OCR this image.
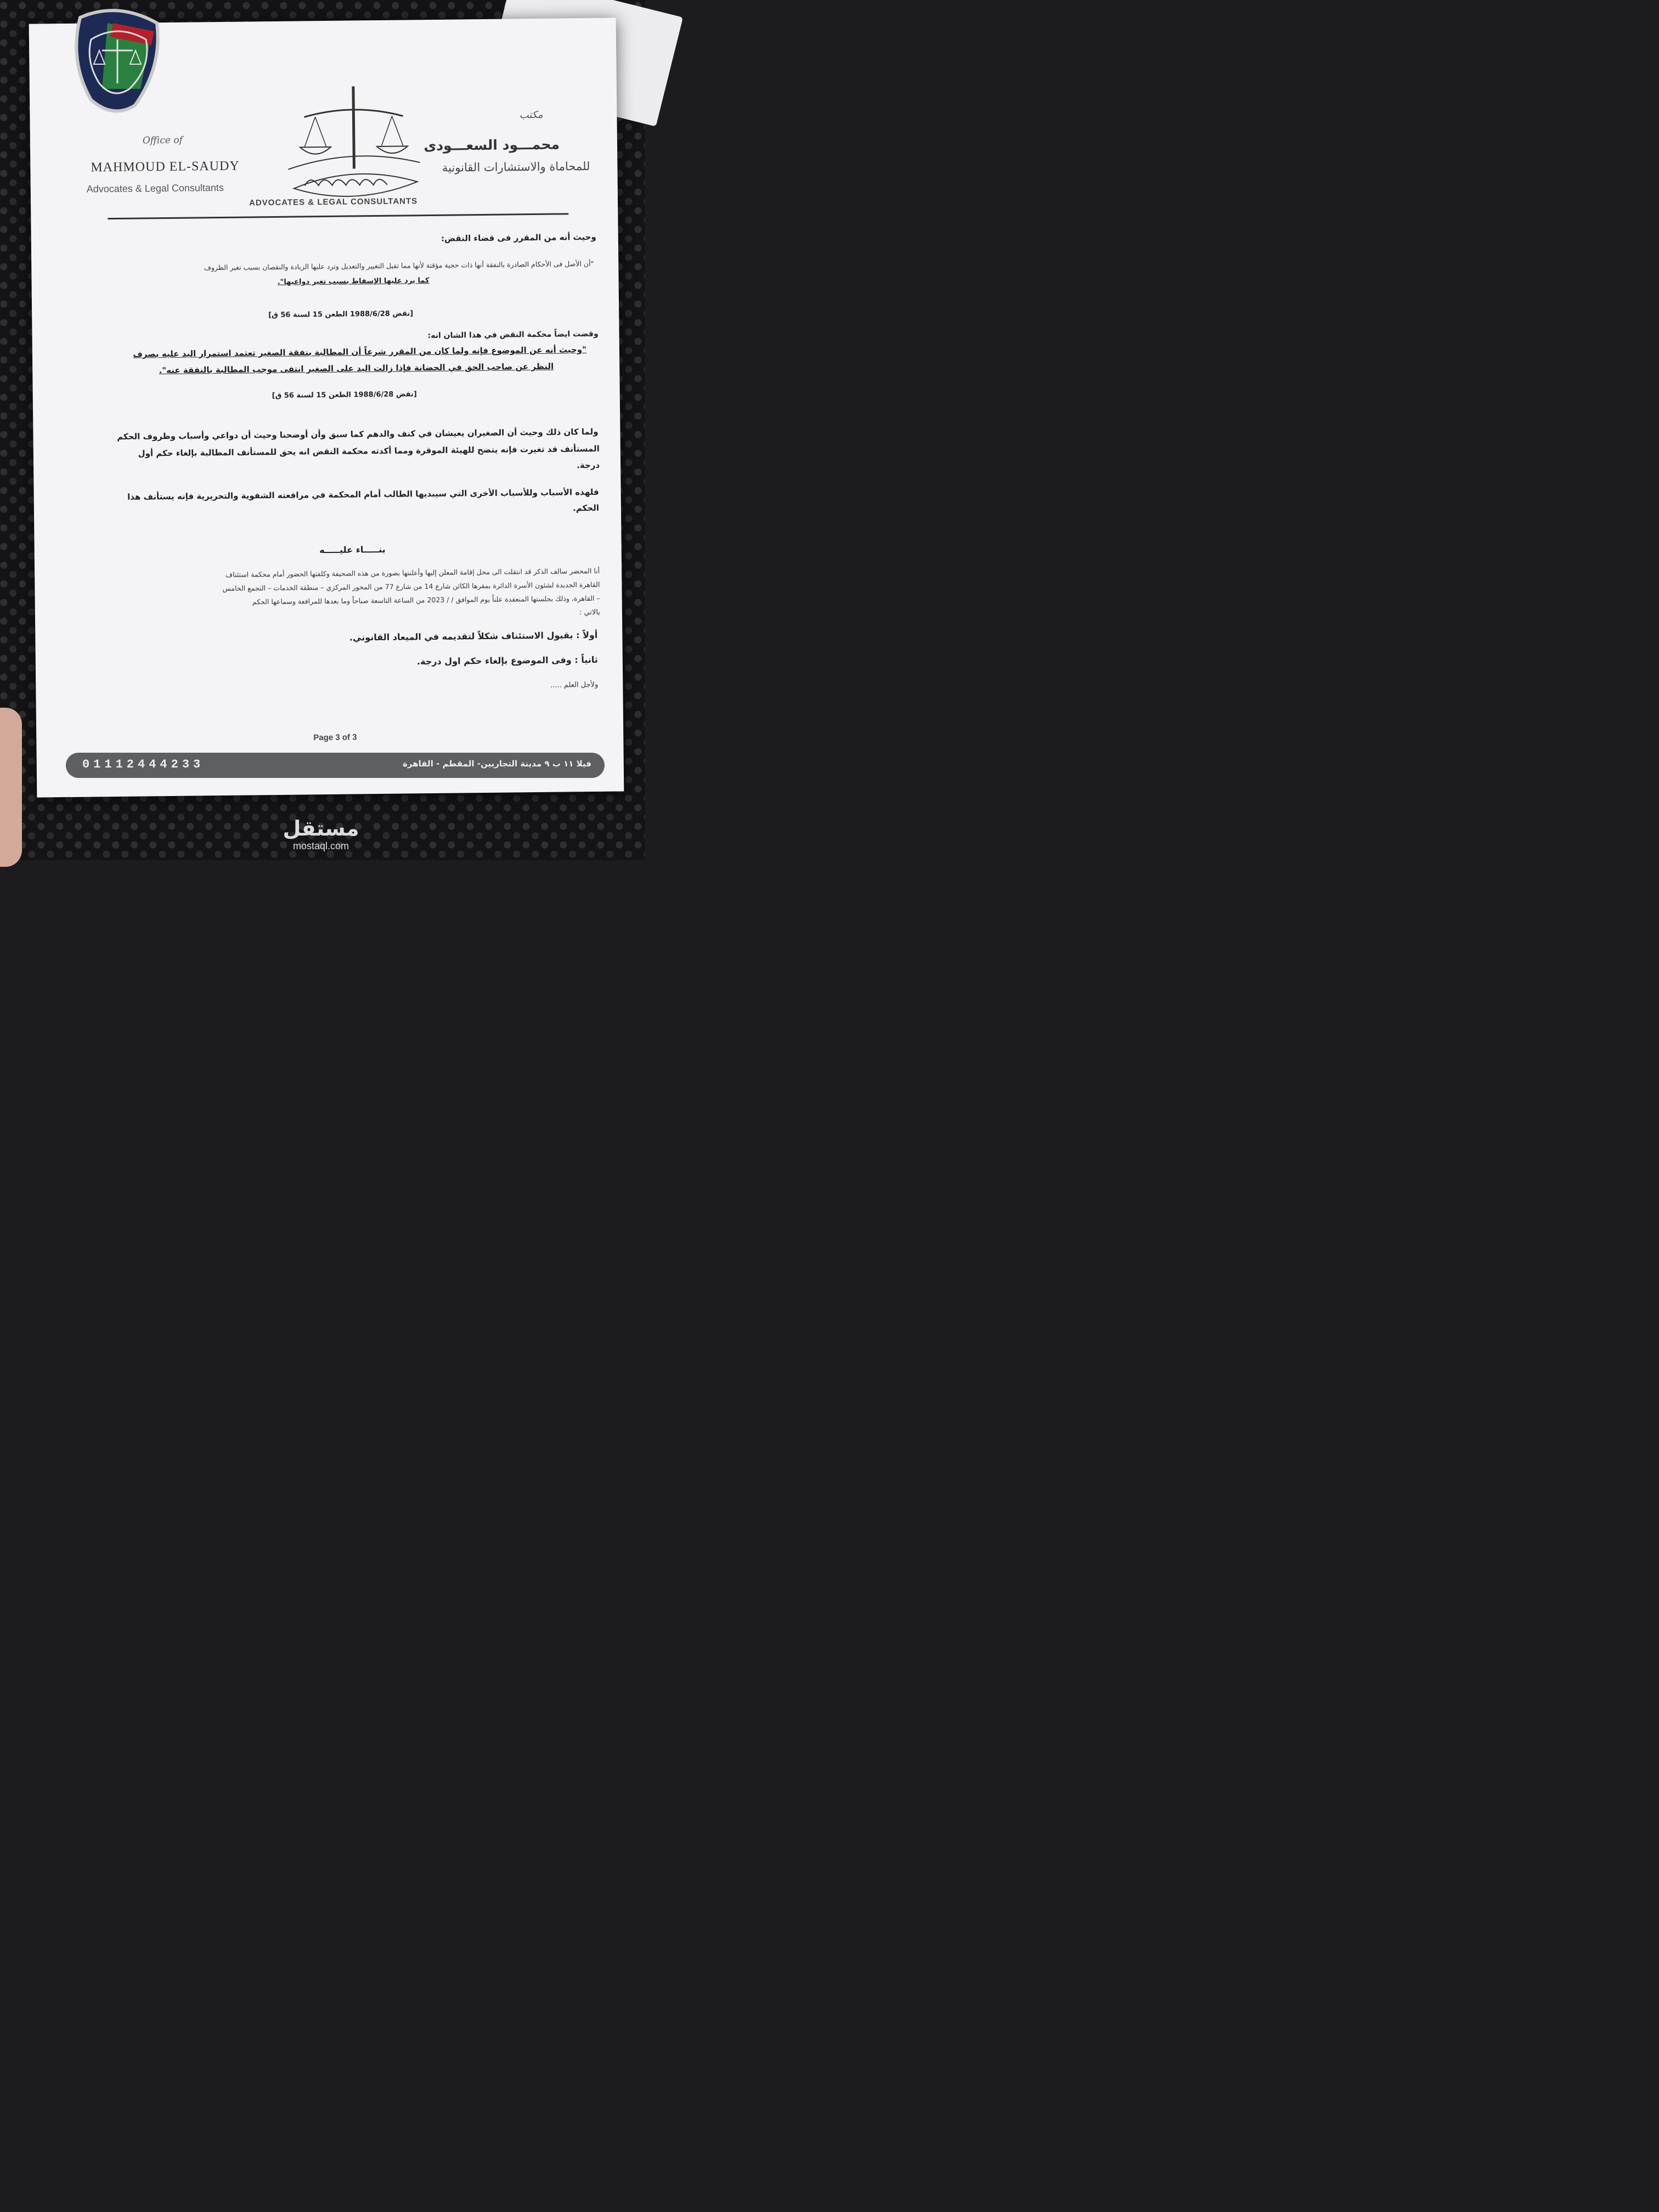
Office of
MAHMOUD EL-SAUDY
Advocates & Legal Consultants
ADVOCATES & LEGAL CONSULTANTS
مكتب
محمـــود السعـــودى
للمحاماة والاستشارات القانونية
وحيث أنه من المقرر فى قضاء النقض:
"أن الأصل فى الأحكام الصادرة بالنفقة أنها ذات حجية مؤقتة لأنها مما تقبل التغيير والتعديل وترد عليها الزيادة والنقصان بسبب تغير الظروف
كما يرد عليها الإسقاط بسبب تغير دواعيها".
[نقض 1988/6/28 الطعن 15 لسنة 56 ق]
وقضت ايضاً محكمة النقض في هذا الشان انه:
"وحيث أنه عن الموضوع فإنه ولما كان من المقرر شرعاً أن المطالبة بنفقة الصغير تعتمد استمرار اليد عليه بصرف
النظر عن صاحب الحق في الحضانة فإذا زالت اليد على الصغير انتفى موجب المطالبة بالنفقة عنه".
[نقض 1988/6/28 الطعن 15 لسنة 56 ق]
ولما كان ذلك وحيث أن الصغيران يعيشان في كنف والدهم كما سبق وأن أوضحنا وحيث أن دواعي وأسباب وظروف الحكم
المستأنف قد تغيرت فإنه يتضح للهيئة الموقرة ومما أكدته محكمة النقض انه يحق للمستأنف المطالبة بإلغاء حكم أول
درجة.
فلهذه الأسباب وللأسباب الأخرى التي سيبديها الطالب أمام المحكمة في مرافعته الشفوية والتحريرية فإنه يستأنف هذا
الحكم.
بنـــــاء عليـــــه
أنا المحضر سالف الذكر قد انتقلت الى محل إقامة المعلن إليها وأعلنتها بصورة من هذه الصحيفة وكلفتها الحضور أمام محكمة استئناف
القاهرة الجديدة لشئون الأسرة الدائرة بمقرها الكائن شارع 14 من شارع 77 من المحور المركزي – منطقة الخدمات – التجمع الخامس
– القاهرة، وذلك بجلستها المنعقدة علناً يوم الموافق / / 2023 من الساعة التاسعة صباحاً وما بعدها للمرافعة وسماعها الحكم
بالاتي :
أولاً : بقبول الاستئناف شكلاً لتقديمه في الميعاد القانوني.
ثانياً : وفى الموضوع بإلغاء حكم اول درجة.
ولأجل العلم .....
Page 3 of 3
01112444233	فيلا ١١ ب ٩ مدينة التجاريين- المقطم - القاهرة
مستقل
mostaql.com
